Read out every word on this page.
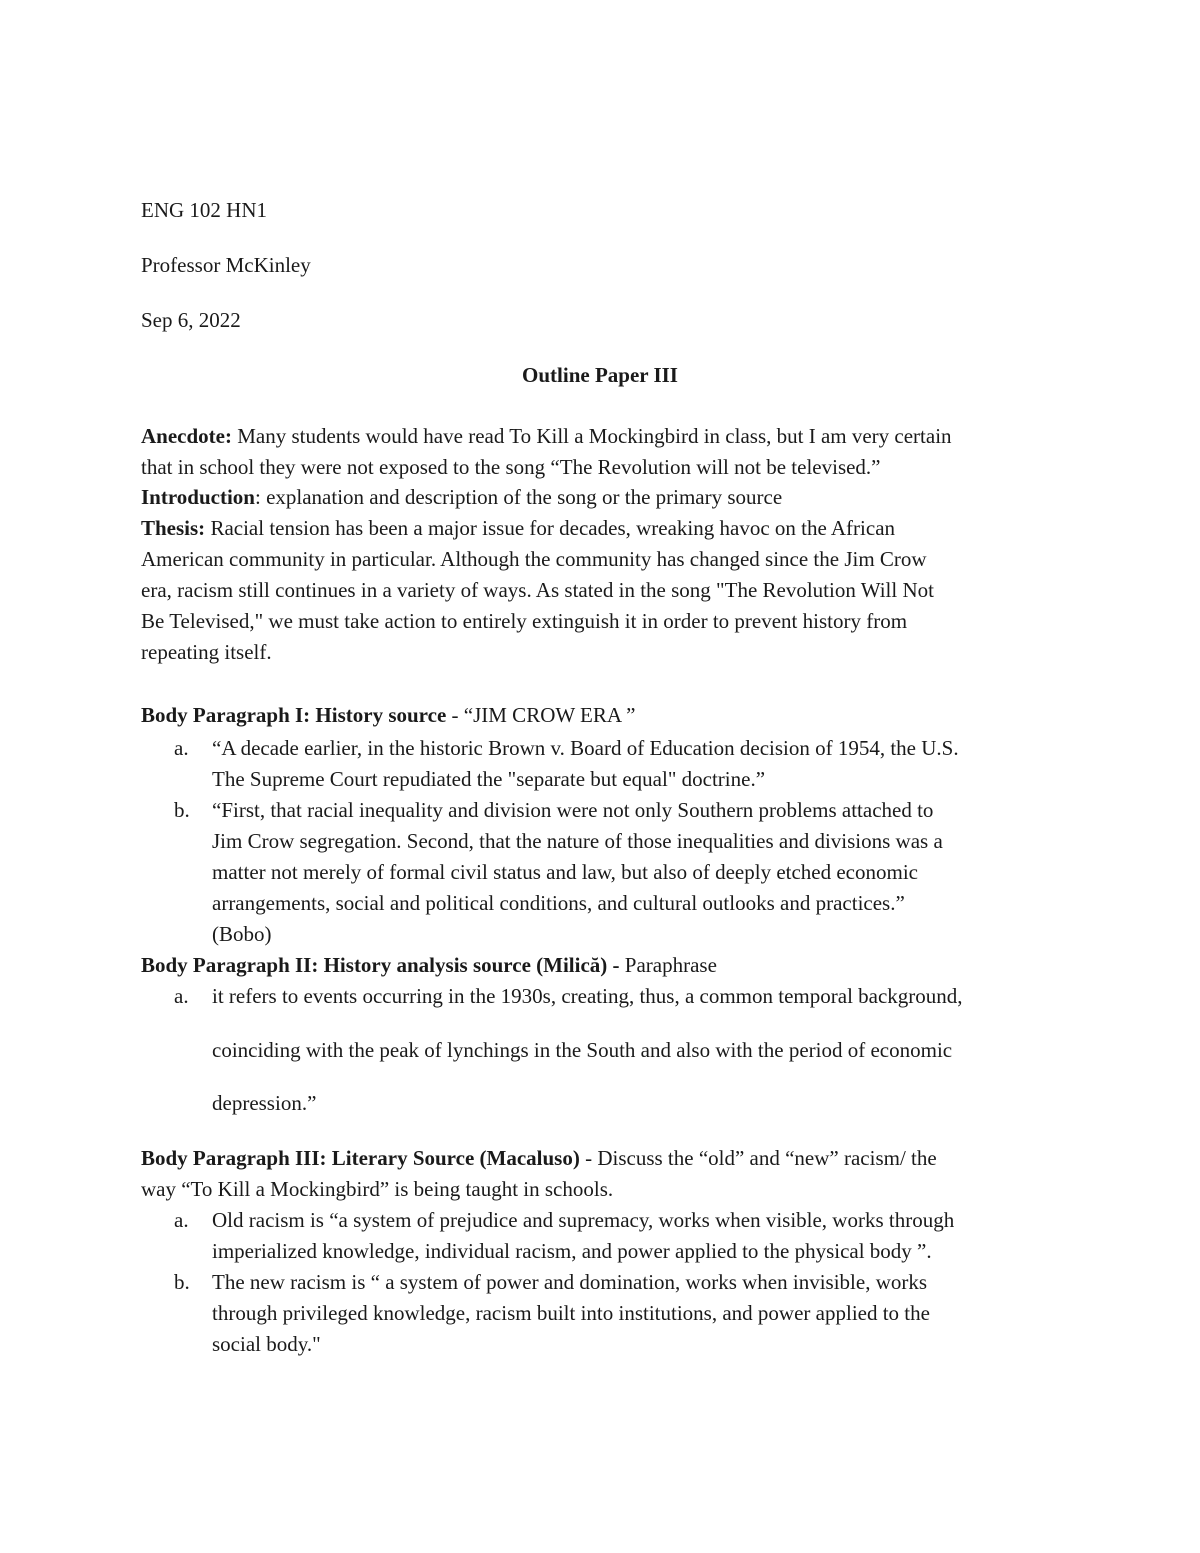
ENG 102 HN1
Professor McKinley
Sep 6, 2022
Outline Paper III
Anecdote: Many students would have read To Kill a Mockingbird in class, but I am very certain
that in school they were not exposed to the song “The Revolution will not be televised.”
Introduction: explanation and description of the song or the primary source
Thesis: Racial tension has been a major issue for decades, wreaking havoc on the African
American community in particular. Although the community has changed since the Jim Crow
era, racism still continues in a variety of ways. As stated in the song "The Revolution Will Not
Be Televised," we must take action to entirely extinguish it in order to prevent history from
repeating itself.
Body Paragraph I: History source - “JIM CROW ERA ”
a. “A decade earlier, in the historic Brown v. Board of Education decision of 1954, the U.S.
The Supreme Court repudiated the "separate but equal" doctrine.”
b. “First, that racial inequality and division were not only Southern problems attached to
Jim Crow segregation. Second, that the nature of those inequalities and divisions was a
matter not merely of formal civil status and law, but also of deeply etched economic
arrangements, social and political conditions, and cultural outlooks and practices.”
(Bobo)
Body Paragraph II: History analysis source (Milică) - Paraphrase
a. it refers to events occurring in the 1930s, creating, thus, a common temporal background,
coinciding with the peak of lynchings in the South and also with the period of economic
depression.”
Body Paragraph III: Literary Source (Macaluso) - Discuss the “old” and “new” racism/ the
way “To Kill a Mockingbird” is being taught in schools.
a. Old racism is “a system of prejudice and supremacy, works when visible, works through
imperialized knowledge, individual racism, and power applied to the physical body ”.
b. The new racism is “ a system of power and domination, works when invisible, works
through privileged knowledge, racism built into institutions, and power applied to the
social body."
